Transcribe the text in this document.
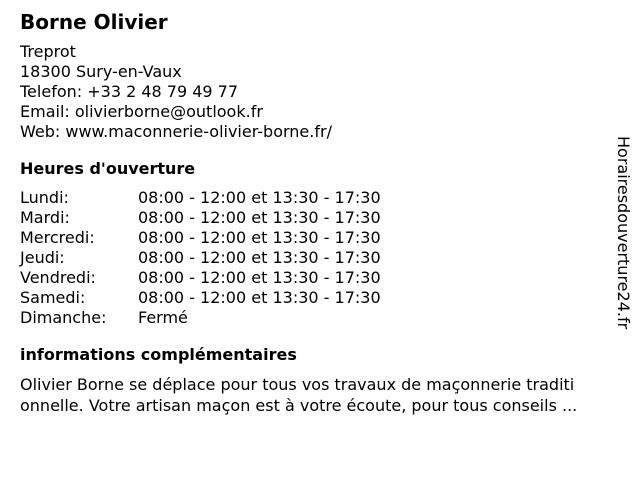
Borne Olivier
Treprot
18300 Sury-en-Vaux
Telefon: +33 2 48 79 49 77
Email: olivierborne@outlook.fr
Web: www.maconnerie-olivier-borne.fr/
Heures d'ouverture
Lundi:	08:00 - 12:00 et 13:30 - 17:30
Mardi:	08:00 - 12:00 et 13:30 - 17:30
Mercredi:	08:00 - 12:00 et 13:30 - 17:30
Jeudi:	08:00 - 12:00 et 13:30 - 17:30
Vendredi:	08:00 - 12:00 et 13:30 - 17:30
Samedi:	08:00 - 12:00 et 13:30 - 17:30
Dimanche: Fermé
informations complémentaires
Olivier Borne se déplace pour tous vos travaux de maçonnerie traditi onnelle. Votre artisan maçon est à votre écoute, pour tous conseils ...
Horairesdouverture24.fr
